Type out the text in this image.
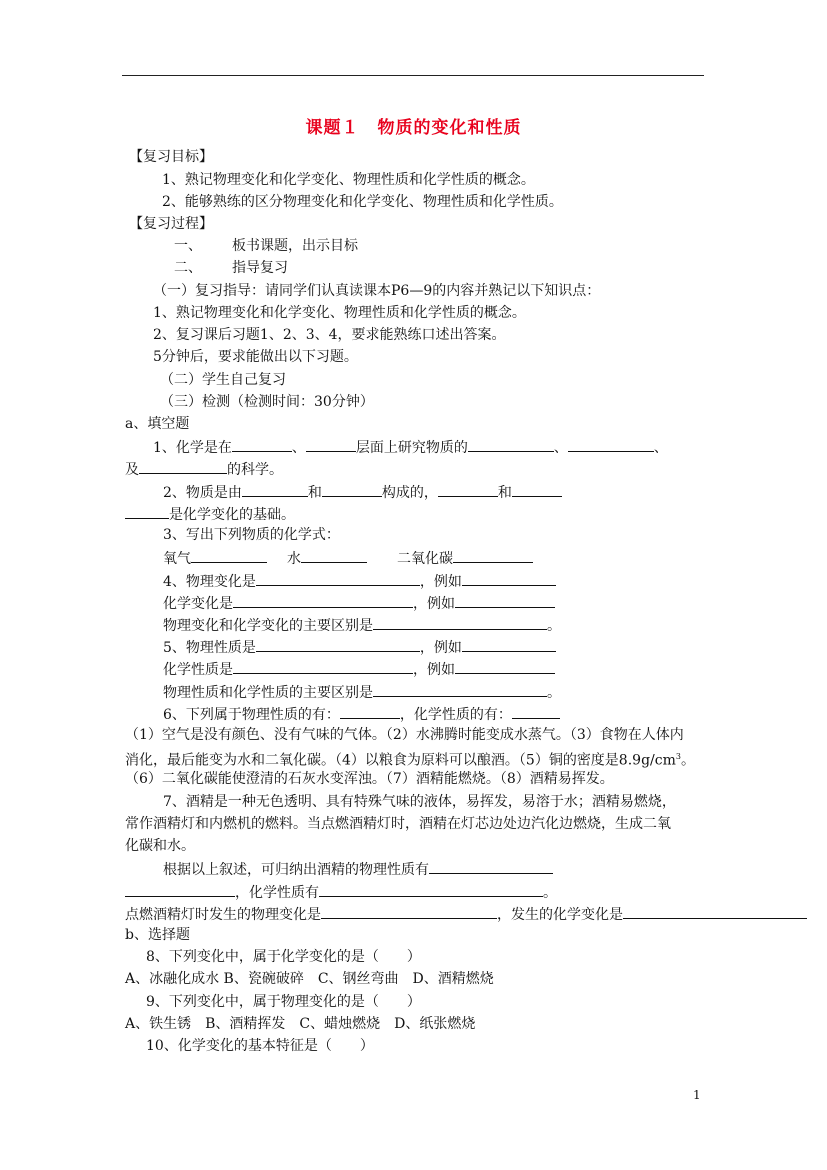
课题１　物质的变化和性质
【复习目标】
1、熟记物理变化和化学变化、物理性质和化学性质的概念。
2、能够熟练的区分物理变化和化学变化、物理性质和化学性质。
【复习过程】
一、 板书课题，出示目标
二、 指导复习
（一）复习指导：请同学们认真读课本P6—9的内容并熟记以下知识点：
1、熟记物理变化和化学变化、物理性质和化学性质的概念。
2、复习课后习题1、2、3、4，要求能熟练口述出答案。
5分钟后，要求能做出以下习题。
（二）学生自己复习
（三）检测（检测时间：30分钟）
a、填空题
1、化学是在	、	层面上研究物质的	、	、
及	的科学。
2、物质是由	和	构成的，	和
是化学变化的基础。
3、写出下列物质的化学式：
氧气	水	二氧化碳
4、物理变化是	，例如
化学变化是	，例如
物理变化和化学变化的主要区别是	。
5、物理性质是	，例如
化学性质是	，例如
物理性质和化学性质的主要区别是	。
6、下列属于物理性质的有：	，化学性质的有：
（1）空气是没有颜色、没有气味的气体。（2）水沸腾时能变成水蒸气。（3）食物在人体内
消化，最后能变为水和二氧化碳。（4）以粮食为原料可以酿酒。（5）铜的密度是$8.9g/cm^3$。
（6）二氧化碳能使澄清的石灰水变浑浊。（7）酒精能燃烧。（8）酒精易挥发。
7、酒精是一种无色透明、具有特殊气味的液体，易挥发，易溶于水；酒精易燃烧，
常作酒精灯和内燃机的燃料。当点燃酒精灯时，酒精在灯芯边处边汽化边燃烧，生成二氧
化碳和水。
根据以上叙述，可归纳出酒精的物理性质有
，化学性质有	。
点燃酒精灯时发生的物理变化是	，发生的化学变化是
b、选择题
8、下列变化中，属于化学变化的是（　　）
A、冰融化成水 B、瓷碗破碎　C、钢丝弯曲　D、酒精燃烧
9、下列变化中，属于物理变化的是（　　）
A、铁生锈　B、酒精挥发　C、蜡烛燃烧　D、纸张燃烧
10、化学变化的基本特征是（　　）
1
